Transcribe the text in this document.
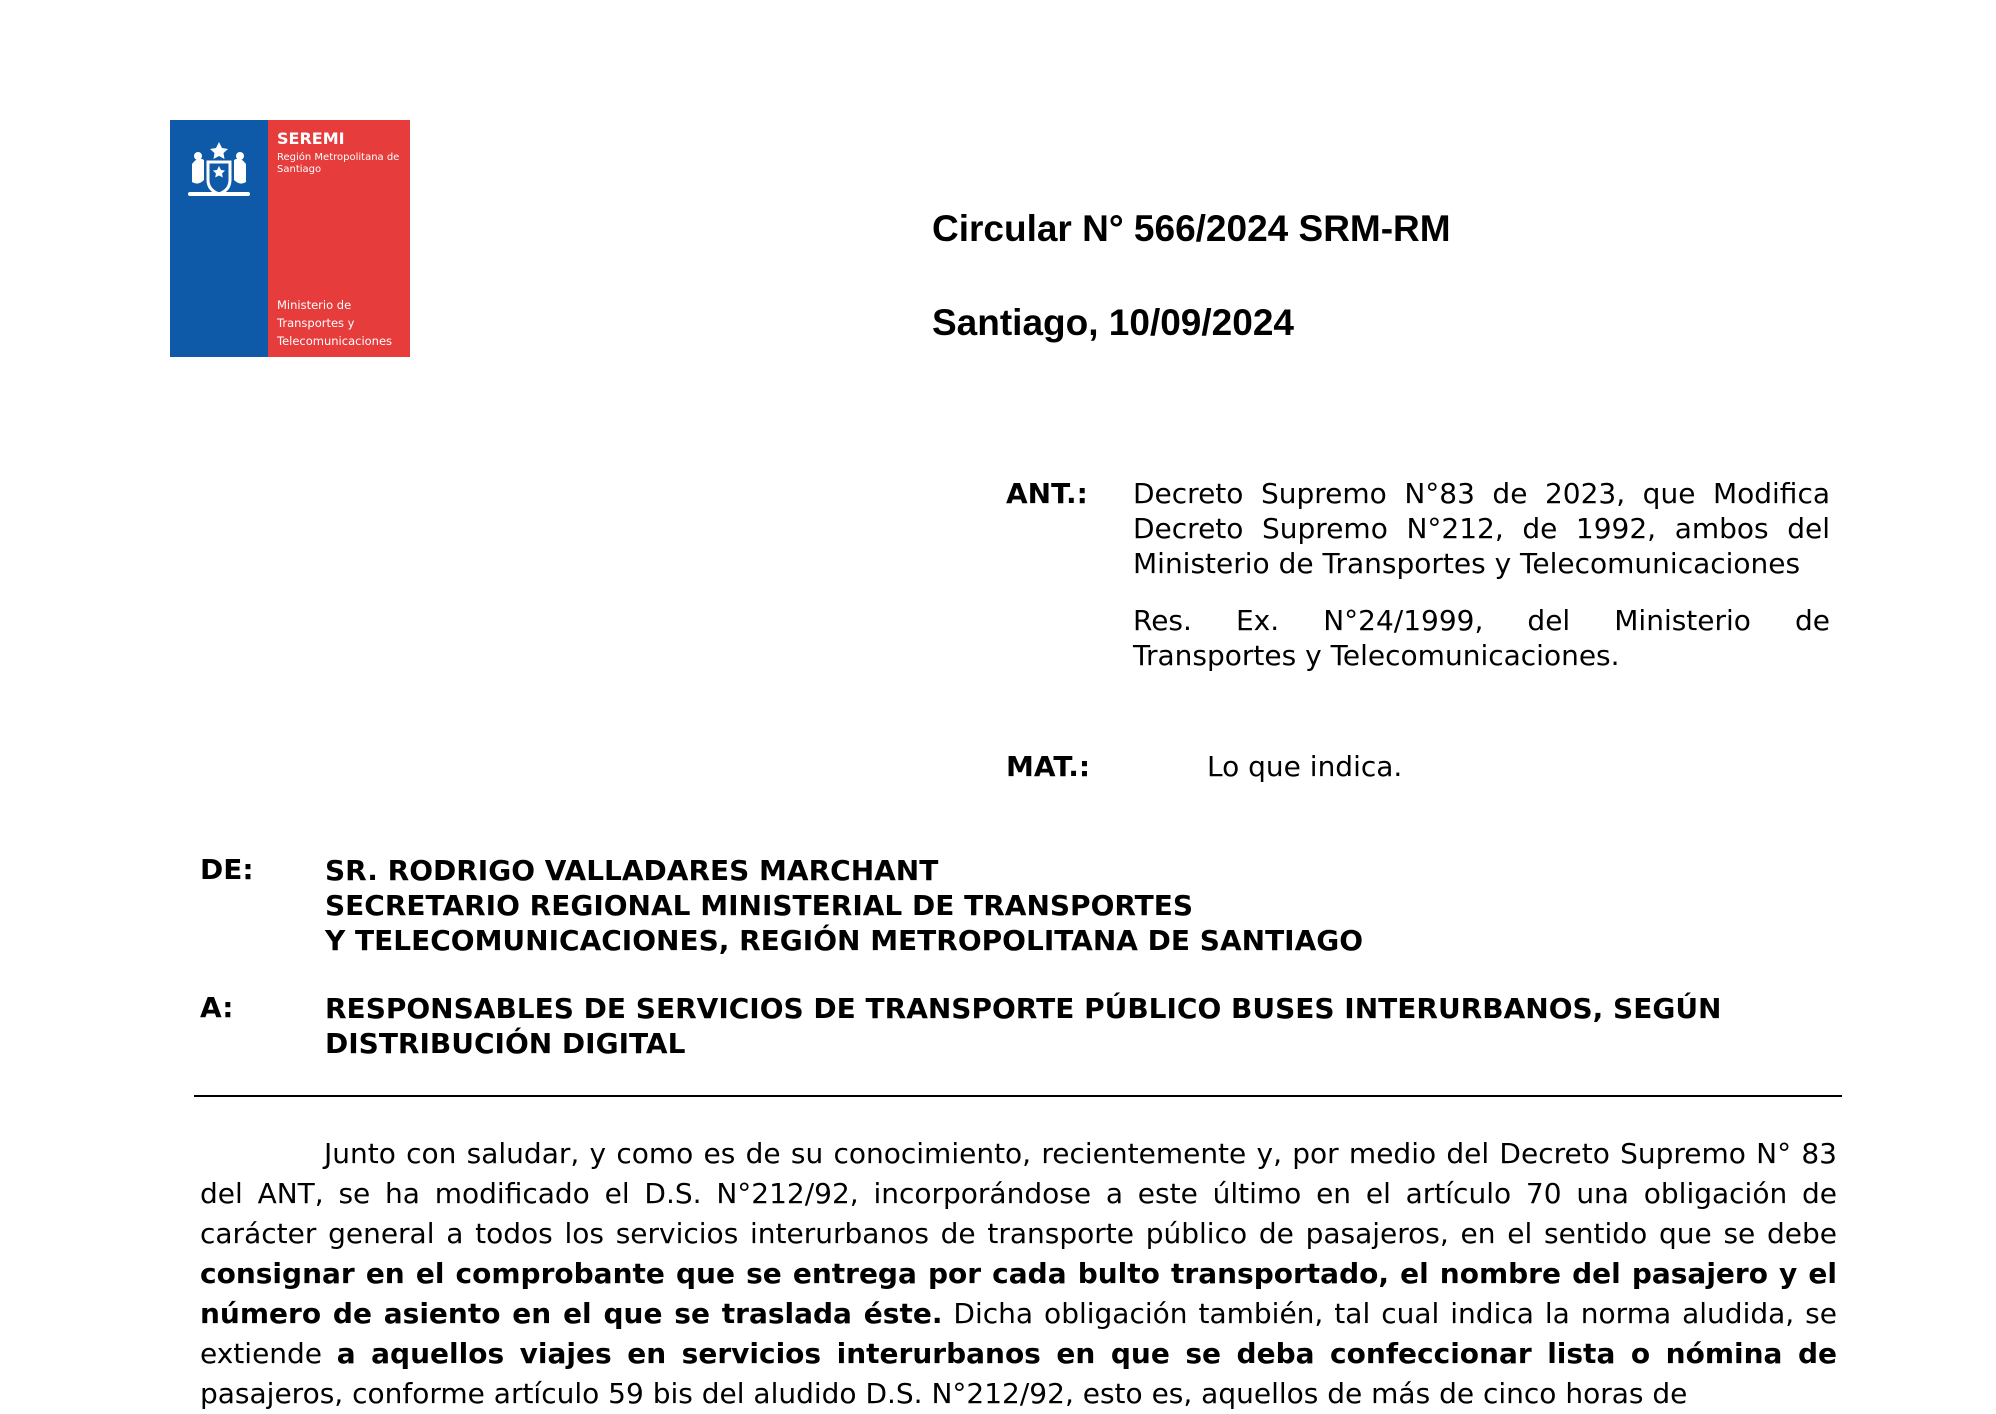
SEREMI
Región Metropolitana de Santiago
Ministerio de
Transportes y
Telecomunicaciones
Circular N° 566/2024 SRM-RM
Santiago, 10/09/2024
ANT.: Decreto Supremo N°83 de 2023, que Modifica
Decreto Supremo N°212, de 1992, ambos del
Ministerio de Transportes y Telecomunicaciones
Res. Ex. N°24/1999, del Ministerio de
Transportes y Telecomunicaciones.
MAT.:	Lo que indica.
DE:	SR. RODRIGO VALLADARES MARCHANT
SECRETARIO REGIONAL MINISTERIAL DE TRANSPORTES
Y TELECOMUNICACIONES, REGIÓN METROPOLITANA DE SANTIAGO
A:	RESPONSABLES DE SERVICIOS DE TRANSPORTE PÚBLICO BUSES INTERURBANOS, SEGÚN DISTRIBUCIÓN DIGITAL
Junto con saludar, y como es de su conocimiento, recientemente y, por medio del Decreto Supremo N° 83 del ANT, se ha modificado el D.S. N°212/92, incorporándose a este último en el artículo 70 una obligación de carácter general a todos los servicios interurbanos de transporte público de pasajeros, en el sentido que se debe consignar en el comprobante que se entrega por cada bulto transportado, el nombre del pasajero y el número de asiento en el que se traslada éste. Dicha obligación también, tal cual indica la norma aludida, se extiende a aquellos viajes en servicios interurbanos en que se deba confeccionar lista o nómina de pasajeros, conforme artículo 59 bis del aludido D.S. N°212/92, esto es, aquellos de más de cinco horas de
